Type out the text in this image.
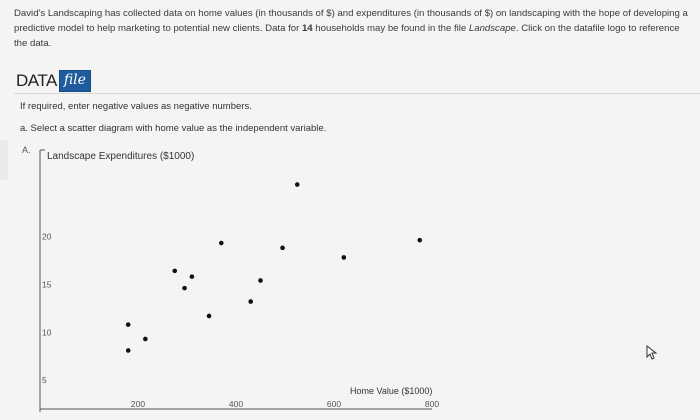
David's Landscaping has collected data on home values (in thousands of $) and expenditures (in thousands of $) on landscaping with the hope of developing a predictive model to help marketing to potential new clients. Data for 14 households may be found in the file Landscape. Click on the datafile logo to reference the data.
DATA file
If required, enter negative values as negative numbers.
a. Select a scatter diagram with home value as the independent variable.
A.
Landscape Expenditures ($1000)
Home Value ($1000)
20
15
10
5
200	400	600	800
